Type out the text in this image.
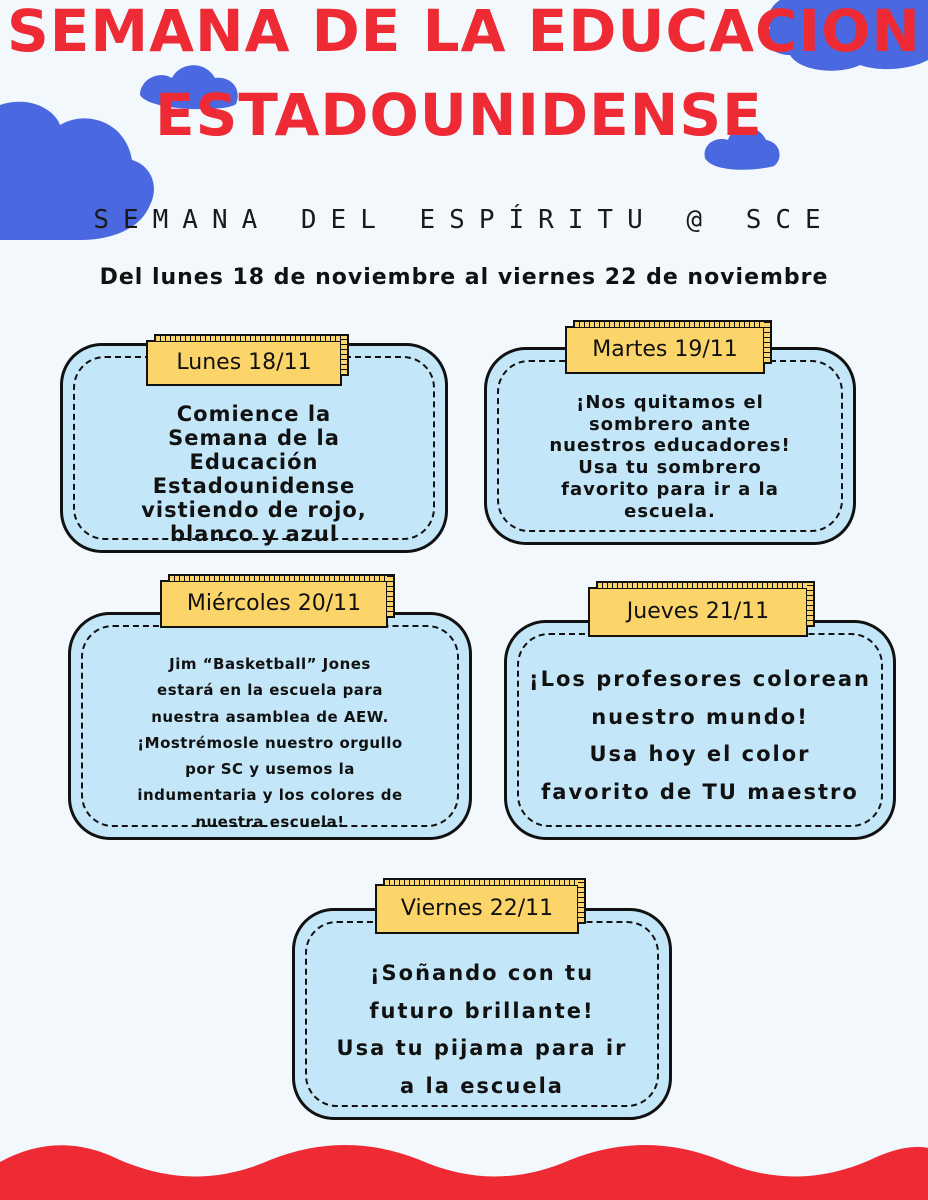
SEMANA DE LA EDUCACION
ESTADOUNIDENSE
SEMANA DEL ESPÍRITU @ SCE
Del lunes 18 de noviembre al viernes 22 de noviembre
Comience la
Semana de la
Educación
Estadounidense
vistiendo de rojo,
blanco y azul
Lunes 18/11
¡Nos quitamos el
sombrero ante
nuestros educadores!
Usa tu sombrero
favorito para ir a la
escuela.
Martes 19/11
Jim “Basketball” Jones
estará en la escuela para
nuestra asamblea de AEW.
¡Mostrémosle nuestro orgullo
por SC y usemos la
indumentaria y los colores de
nuestra escuela!
Miércoles 20/11
¡Los profesores colorean
nuestro mundo!
Usa hoy el color
favorito de TU maestro
Jueves 21/11
¡Soñando con tu
futuro brillante!
Usa tu pijama para ir
a la escuela
Viernes 22/11
